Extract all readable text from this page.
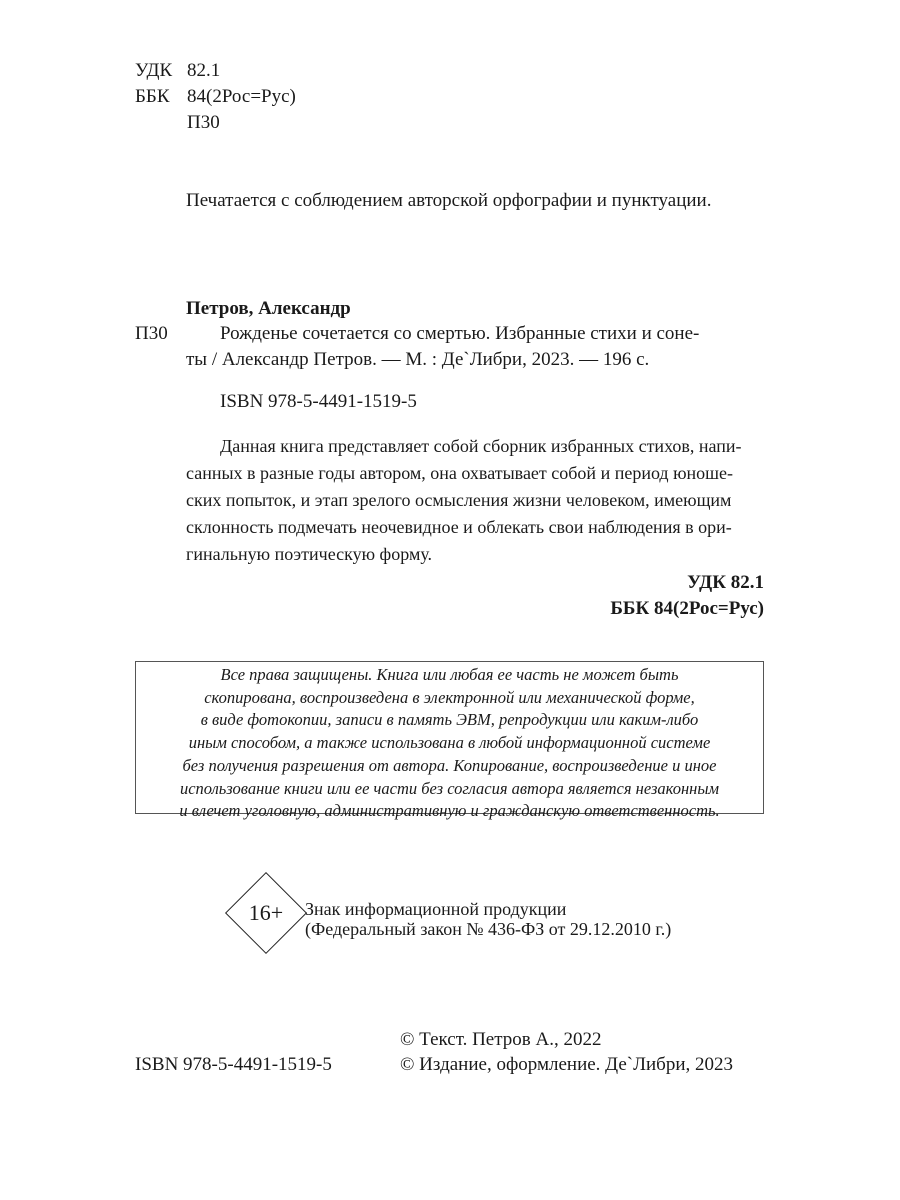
УДК 82.1
ББК 84(2Рос=Рус)
П30
Печатается с соблюдением авторской орфографии и пунктуации.
Петров, Александр
П30	Рожденье сочетается со смертью. Избранные стихи и соне-
ты / Александр Петров. — М. : Де`Либри, 2023. — 196 с.
ISBN 978-5-4491-1519-5
Данная книга представляет собой сборник избранных стихов, напи-
санных в разные годы автором, она охватывает собой и период юноше-
ских попыток, и этап зрелого осмысления жизни человеком, имеющим
склонность подмечать неочевидное и облекать свои наблюдения в ори-
гинальную поэтическую форму.
УДК 82.1
ББК 84(2Рос=Рус)
Все права защищены. Книга или любая ее часть не может быть
скопирована, воспроизведена в электронной или механической форме,
в виде фотокопии, записи в память ЭВМ, репродукции или каким-либо
иным способом, а также использована в любой информационной системе
без получения разрешения от автора. Копирование, воспроизведение и иное
использование книги или ее части без согласия автора является незаконным
и влечет уголовную, административную и гражданскую ответственность.
16+	Знак информационной продукции
(Федеральный закон № 436-ФЗ от 29.12.2010 г.)
© Текст. Петров А., 2022
ISBN 978-5-4491-1519-5	© Издание, оформление. Де`Либри, 2023
